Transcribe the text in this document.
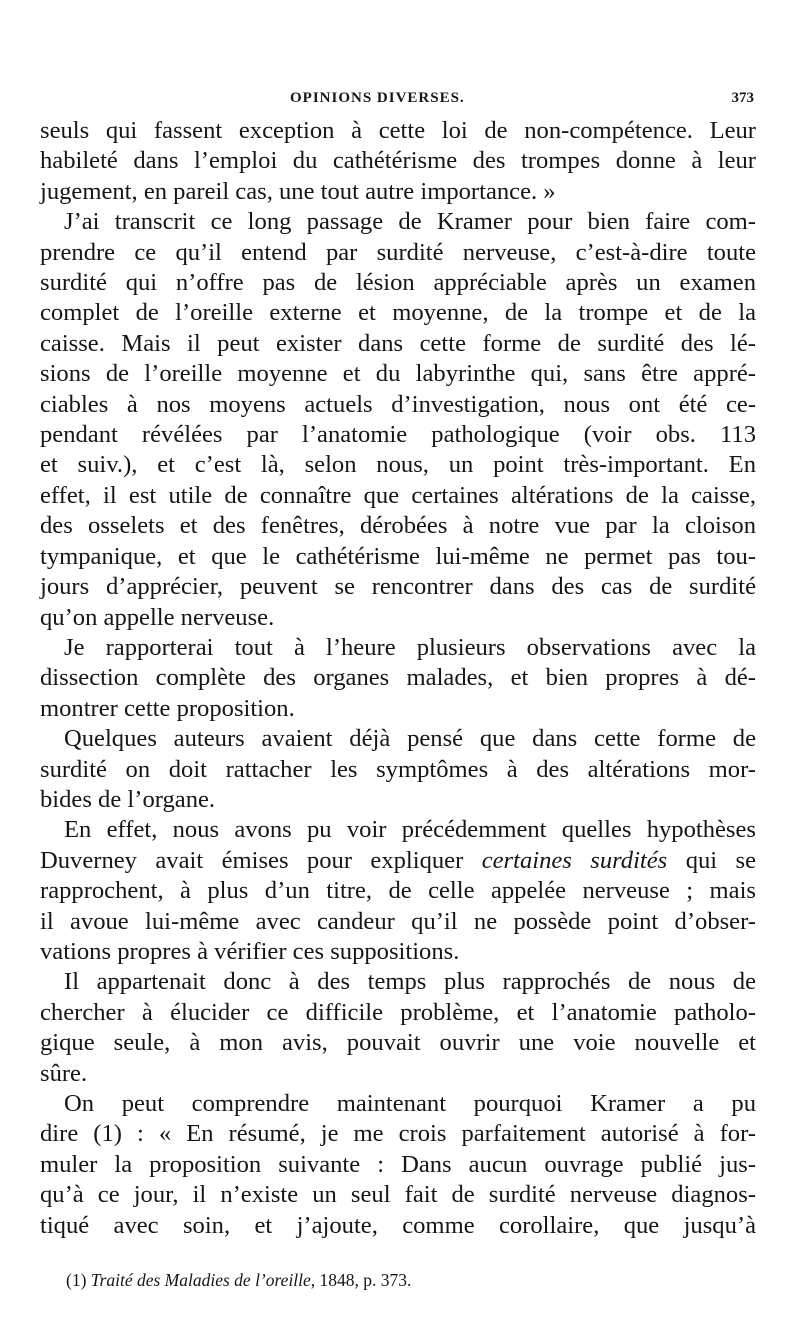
OPINIONS DIVERSES.	373

seuls qui fassent exception à cette loi de non-compétence. Leur
habileté dans l’emploi du cathétérisme des trompes donne à leur
jugement, en pareil cas, une tout autre importance. »

J’ai transcrit ce long passage de Kramer pour bien faire com-
prendre ce qu’il entend par surdité nerveuse, c’est-à-dire toute
surdité qui n’offre pas de lésion appréciable après un examen
complet de l’oreille externe et moyenne, de la trompe et de la
caisse. Mais il peut exister dans cette forme de surdité des lé-
sions de l’oreille moyenne et du labyrinthe qui, sans être appré-
ciables à nos moyens actuels d’investigation, nous ont été ce-
pendant révélées par l’anatomie pathologique (voir obs. 113
et suiv.), et c’est là, selon nous, un point très-important. En
effet, il est utile de connaître que certaines altérations de la caisse,
des osselets et des fenêtres, dérobées à notre vue par la cloison
tympanique, et que le cathétérisme lui-même ne permet pas tou-
jours d’apprécier, peuvent se rencontrer dans des cas de surdité
qu’on appelle nerveuse.

Je rapporterai tout à l’heure plusieurs observations avec la
dissection complète des organes malades, et bien propres à dé-
montrer cette proposition.

Quelques auteurs avaient déjà pensé que dans cette forme de
surdité on doit rattacher les symptômes à des altérations mor-
bides de l’organe.

En effet, nous avons pu voir précédemment quelles hypothèses
Duverney avait émises pour expliquer certaines surdités qui se
rapprochent, à plus d’un titre, de celle appelée nerveuse ; mais
il avoue lui-même avec candeur qu’il ne possède point d’obser-
vations propres à vérifier ces suppositions.

Il appartenait donc à des temps plus rapprochés de nous de
chercher à élucider ce difficile problème, et l’anatomie patholo-
gique seule, à mon avis, pouvait ouvrir une voie nouvelle et
sûre.

On peut comprendre maintenant pourquoi Kramer a pu
dire (1) : « En résumé, je me crois parfaitement autorisé à for-
muler la proposition suivante : Dans aucun ouvrage publié jus-
qu’à ce jour, il n’existe un seul fait de surdité nerveuse diagnos-
tiqué avec soin, et j’ajoute, comme corollaire, que jusqu’à

(1) Traité des Maladies de l’oreille, 1848, p. 373.
